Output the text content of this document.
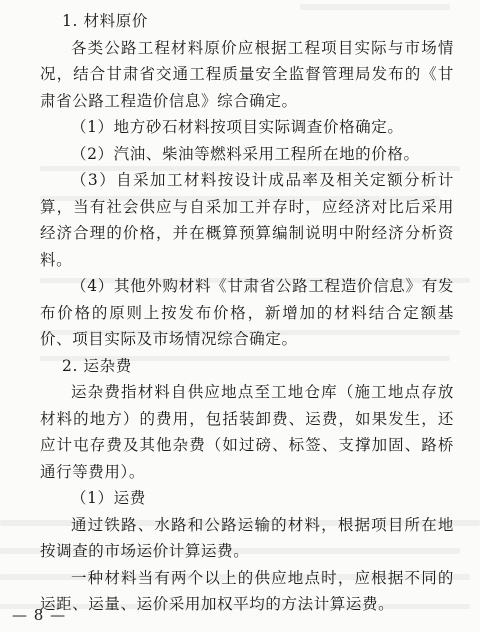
1. 材料原价

各类公路工程材料原价应根据工程项目实际与市场情况，结合甘肃省交通工程质量安全监督管理局发布的《甘肃省公路工程造价信息》综合确定。

（1）地方砂石材料按项目实际调查价格确定。

（2）汽油、柴油等燃料采用工程所在地的价格。

（3）自采加工材料按设计成品率及相关定额分析计算，当有社会供应与自采加工并存时，应经济对比后采用经济合理的价格，并在概算预算编制说明中附经济分析资料。

（4）其他外购材料《甘肃省公路工程造价信息》有发布价格的原则上按发布价格，新增加的材料结合定额基价、项目实际及市场情况综合确定。

2. 运杂费

运杂费指材料自供应地点至工地仓库（施工地点存放材料的地方）的费用，包括装卸费、运费，如果发生，还应计屯存费及其他杂费（如过磅、标签、支撑加固、路桥通行等费用）。

（1）运费

通过铁路、水路和公路运输的材料，根据项目所在地按调查的市场运价计算运费。

一种材料当有两个以上的供应地点时，应根据不同的运距、运量、运价采用加权平均的方法计算运费。

— 8 —
